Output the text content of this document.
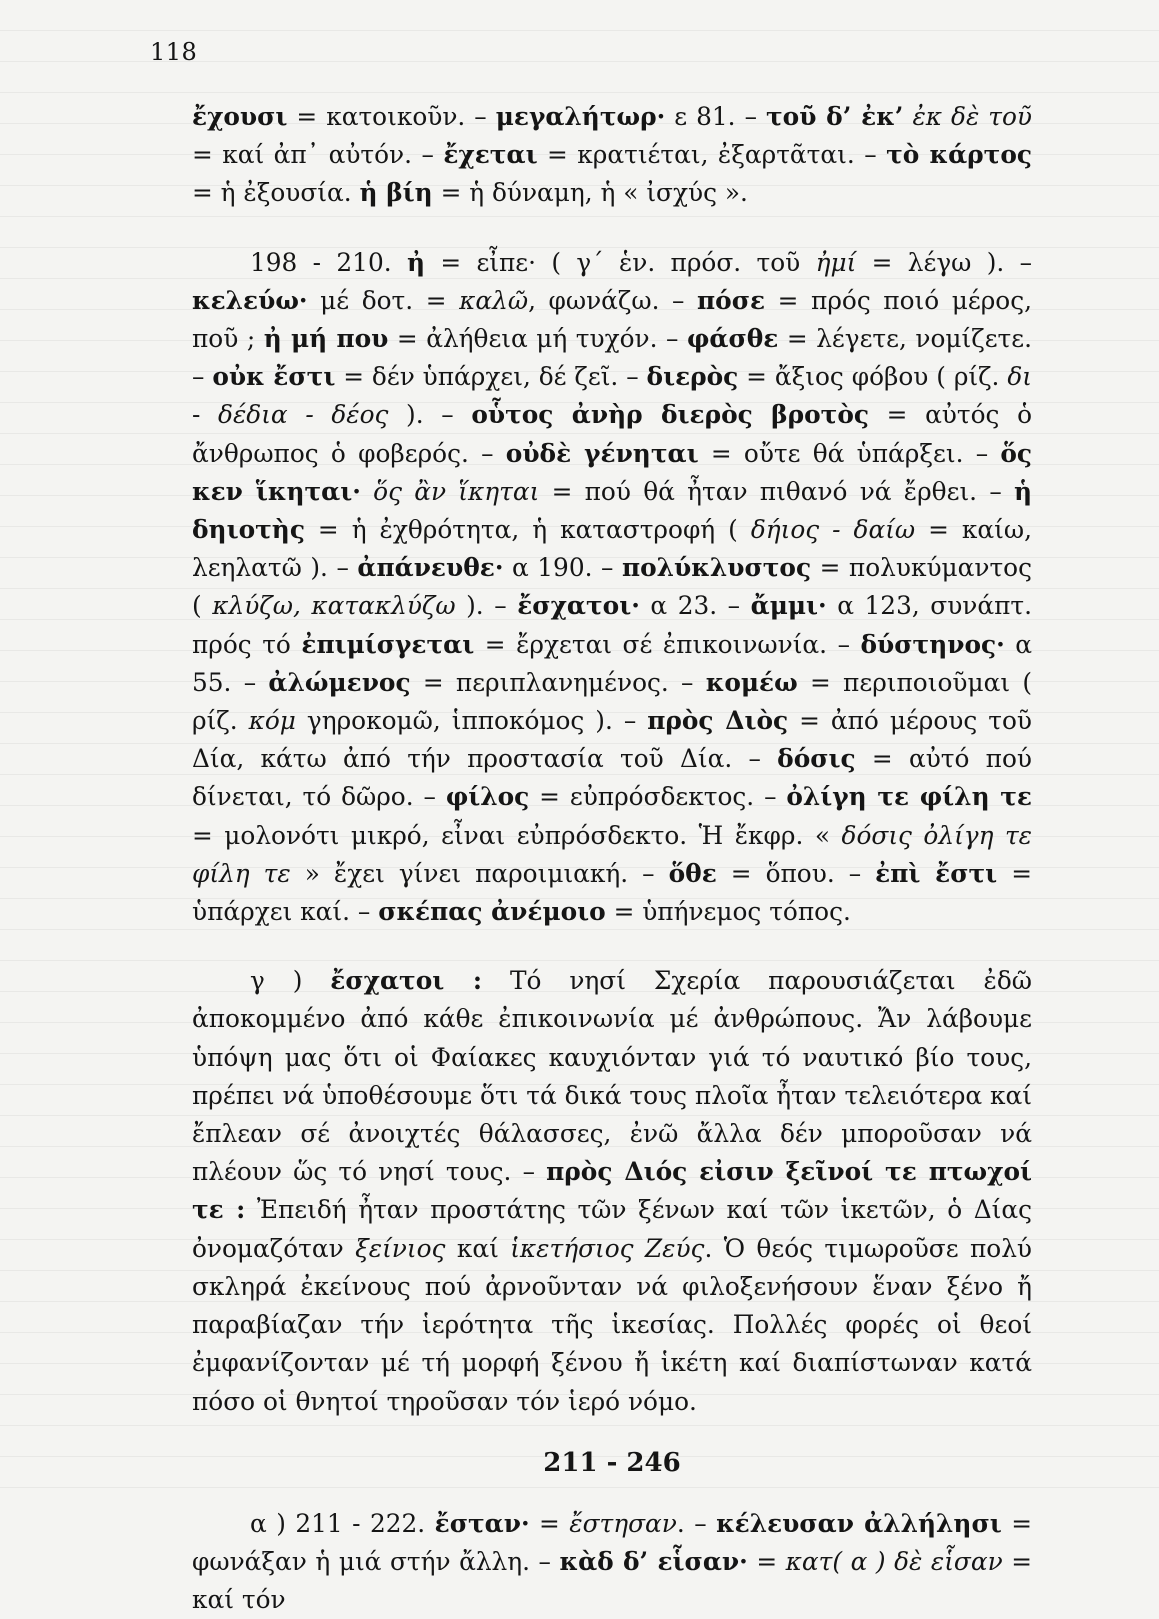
118

ἔχουσι = κατοικοῦν. – μεγαλήτωρ· ε 81. – τοῦ δ’ ἐκ’ ἐκ δὲ τοῦ = καί ἀπ᾽ αὐτόν. – ἔχεται = κρατιέται, ἐξαρτᾶται. – τὸ κάρτος = ἡ ἐξουσία. ἡ βίη = ἡ δύναμη, ἡ « ἰσχύς ».

198 - 210. ἠ = εἶπε· ( γ΄ ἑν. πρόσ. τοῦ ἠμί = λέγω ). – κελεύω· μέ δοτ. = καλῶ, φωνάζω. – πόσε = πρός ποιό μέρος, ποῦ ; ἠ μή που = ἀλήθεια μή τυχόν. – φάσθε = λέγετε, νομίζετε. – οὐκ ἔστι = δέν ὑπάρχει, δέ ζεῖ. – διερὸς = ἄξιος φόβου ( ρίζ. δι - δέδια - δέος ). – οὗτος ἀνὴρ διερὸς βροτὸς = αὐτός ὁ ἄνθρωπος ὁ φοβερός. – οὐδὲ γένηται = οὔτε θά ὑπάρξει. – ὅς κεν ἵκηται· ὅς ἂν ἵκηται = πού θά ἦταν πιθανό νά ἔρθει. – ἡ δηιοτὴς = ἡ ἐχθρότητα, ἡ καταστροφή ( δήιος - δαίω = καίω, λεηλατῶ ). – ἀπάνευθε· α 190. – πολύκλυστος = πολυκύμαντος ( κλύζω, κατακλύζω ). – ἔσχατοι· α 23. – ἄμμι· α 123, συνάπτ. πρός τό ἐπιμίσγεται = ἔρχεται σέ ἐπικοινωνία. – δύστηνος· α 55. – ἀλώμενος = περιπλανημένος. – κομέω = περιποιοῦμαι ( ρίζ. κόμ γηροκομῶ, ἱπποκόμος ). – πρὸς Διὸς = ἀπό μέρους τοῦ Δία, κάτω ἀπό τήν προστασία τοῦ Δία. – δόσις = αὐτό πού δίνεται, τό δῶρο. – φίλος = εὐπρόσδεκτος. – ὀλίγη τε φίλη τε = μολονότι μικρό, εἶναι εὐπρόσδεκτο. Ἡ ἔκφρ. « δόσις ὀλίγη τε φίλη τε » ἔχει γίνει παροιμιακή. – ὅθε = ὅπου. – ἐπὶ ἔστι = ὑπάρχει καί. – σκέπας ἀνέμοιο = ὑπήνεμος τόπος.

γ ) ἔσχατοι : Τό νησί Σχερία παρουσιάζεται ἐδῶ ἀποκομμένο ἀπό κάθε ἐπικοινωνία μέ ἀνθρώπους. Ἄν λάβουμε ὑπόψη μας ὅτι οἱ Φαίακες καυχιόνταν γιά τό ναυτικό βίο τους, πρέπει νά ὑποθέσουμε ὅτι τά δικά τους πλοῖα ἦταν τελειότερα καί ἔπλεαν σέ ἀνοιχτές θάλασσες, ἐνῶ ἄλλα δέν μποροῦσαν νά πλέουν ὥς τό νησί τους. – πρὸς Διός εἰσιν ξεῖνοί τε πτωχοί τε : Ἐπειδή ἦταν προστάτης τῶν ξένων καί τῶν ἱκετῶν, ὁ Δίας ὀνομαζόταν ξείνιος καί ἱκετήσιος Ζεύς. Ὁ θεός τιμωροῦσε πολύ σκληρά ἐκείνους πού ἀρνοῦνταν νά φιλοξενήσουν ἕναν ξένο ἤ παραβίαζαν τήν ἱερότητα τῆς ἱκεσίας. Πολλές φορές οἱ θεοί ἐμφανίζονταν μέ τή μορφή ξένου ἤ ἱκέτη καί διαπίστωναν κατά πόσο οἱ θνητοί τηροῦσαν τόν ἱερό νόμο.

211 - 246

α ) 211 - 222. ἔσταν· = ἔστησαν. – κέλευσαν ἀλλήλησι = φωνάξαν ἡ μιά στήν ἄλλη. – κὰδ δ’ εἷσαν· = κατ( α ) δὲ εἷσαν = καί τόν
